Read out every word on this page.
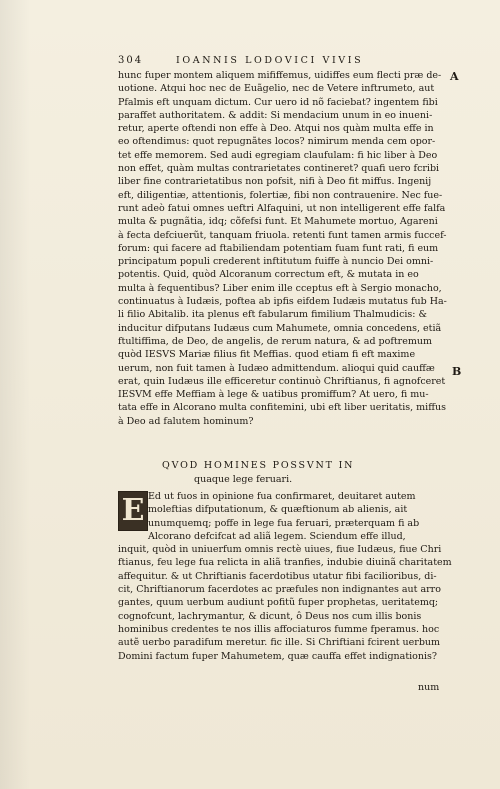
304	IOANNIS LODOVICI VIVIS
A
B
hunc fuper montem aliquem mififfemus, uidiffes eum flecti præ de-
uotione. Atqui hoc nec de Euãgelio, nec de Vetere inftrumeto, aut
Pfalmis eft unquam dictum. Cur uero id nõ faciebat? ingentem fibi
paraffet authoritatem. & addit: Si mendacium unum in eo inueni-
retur, aperte oftendi non effe à Deo. Atqui nos quàm multa effe in
eo oftendimus: quot repugnãtes locos? nimirum menda cem opor-
tet effe memorem. Sed audi egregiam claufulam: fi hic liber à Deo
non effet, quàm multas contrarietates contineret? quafi uero fcribi
liber fine contrarietatibus non pofsit, nifi à Deo fit miffus. Ingenij
eft, diligentiæ, attentionis, folertiæ, fibi non contrauenire. Nec fue-
runt adeò fatui omnes ueftri Alfaquini, ut non intelligerent effe falfa
multa & pugnãtia, idq; cõfefsi funt. Et Mahumete mortuo, Agareni
à fecta defciuerũt, tanquam friuola. retenti funt tamen armis fuccef-
forum: qui facere ad ftabiliendam potentiam fuam funt rati, fi eum
principatum populi crederent inftitutum fuiffe à nuncio Dei omni-
potentis. Quid, quòd Alcoranum correctum eft, & mutata in eo
multa à fequentibus? Liber enim ille cceptus eft à Sergio monacho,
continuatus à Iudæis, poftea ab ipfis eifdem Iudæis mutatus fub Ha-
li filio Abitalib. ita plenus eft fabularum fimilium Thalmudicis: &
inducitur difputans Iudæus cum Mahumete, omnia concedens, etiã
ftultiffima, de Deo, de angelis, de rerum natura, & ad poftremum
quòd IESVS Mariæ filius fit Meffias. quod etiam fi eft maxime
uerum, non fuit tamen à Iudæo admittendum. alioqui quid cauffæ
erat, quin Iudæus ille efficeretur continuò Chriftianus, fi agnofceret
IESVM effe Meffiam à lege & uatibus promiffum? At uero, fi mu-
tata effe in Alcorano multa confitemini, ubi eft liber ueritatis, miffus
à Deo ad falutem hominum?
QVOD HOMINES POSSVNT IN
quaque lege feruari.
E Ed ut fuos in opinione fua confirmaret, deuitaret autem
moleftias difputationum, & quæftionum ab alienis, ait
unumquemq; poffe in lege fua feruari, præterquam fi ab
Alcorano defcifcat ad aliã legem. Sciendum effe illud,
inquit, quòd in uniuerfum omnis rectè uiues, fiue Iudæus, fiue Chri
ftianus, feu lege fua relicta in aliã tranfies, indubie diuinã charitatem
affequitur. & ut Chriftianis facerdotibus utatur fibi facilioribus, di-
cit, Chriftianorum facerdotes ac præfules non indignantes aut arro
gantes, quum uerbum audiunt pofitũ fuper prophetas, ueritatemq;
cognofcunt, lachrymantur, & dicunt, ô Deus nos cum illis bonis
hominibus credentes te nos illis affociaturos fumme fperamus. hoc
autẽ uerbo paradifum meretur. fic ille. Si Chriftiani fcirent uerbum
Domini factum fuper Mahumetem, quæ cauffa effet indignationis?
num
